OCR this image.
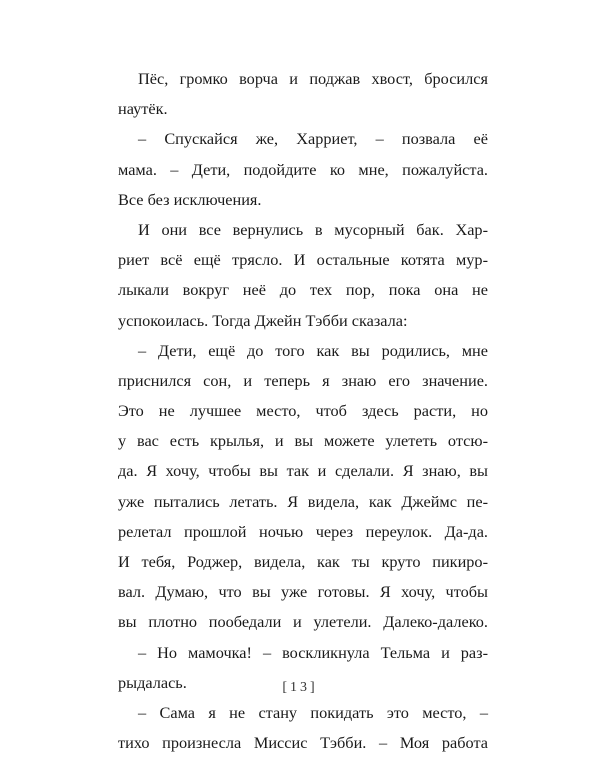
Пёс, громко ворча и поджав хвост, бросился
наутёк.
– Спускайся же, Харриет, – позвала её
мама. – Дети, подойдите ко мне, пожалуйста.
Все без исключения.
И они все вернулись в мусорный бак. Хар-
риет всё ещё трясло. И остальные котята мур-
лыкали вокруг неё до тех пор, пока она не
успокоилась. Тогда Джейн Тэбби сказала:
– Дети, ещё до того как вы родились, мне
приснился сон, и теперь я знаю его значение.
Это не лучшее место, чтоб здесь расти, но
у вас есть крылья, и вы можете улететь отсю-
да. Я хочу, чтобы вы так и сделали. Я знаю, вы
уже пытались летать. Я видела, как Джеймс пе-
релетал прошлой ночью через переулок. Да-да.
И тебя, Роджер, видела, как ты круто пикиро-
вал. Думаю, что вы уже готовы. Я хочу, чтобы
вы плотно пообедали и улетели. Далеко-далеко.
– Но мамочка! – воскликнула Тельма и раз-
рыдалась.
– Сама я не стану покидать это место, –
тихо произнесла Миссис Тэбби. – Моя работа
[13]
